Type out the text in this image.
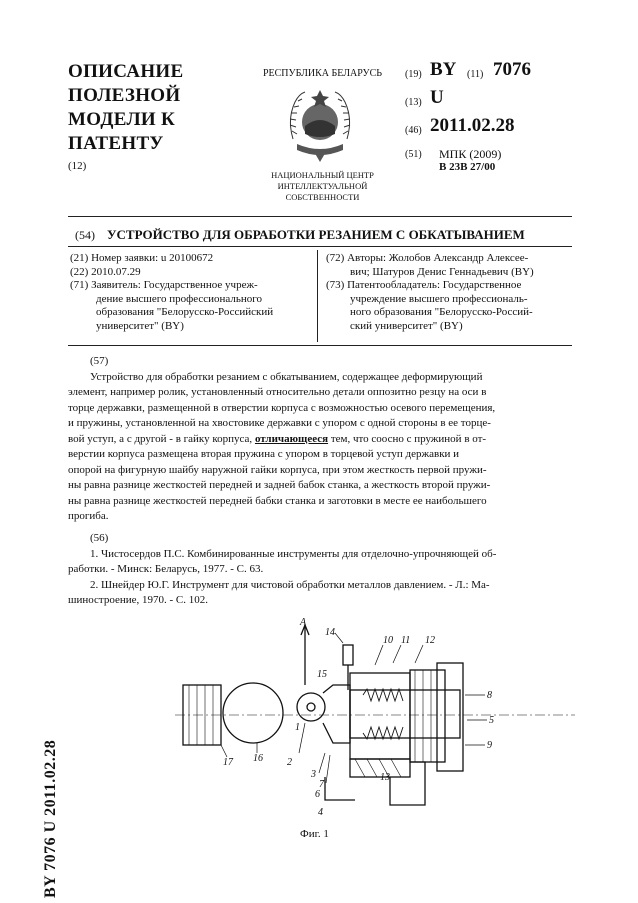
BY 7076 U 2011.02.28
ОПИСАНИЕ
ПОЛЕЗНОЙ
МОДЕЛИ К
ПАТЕНТУ
(12)
РЕСПУБЛИКА БЕЛАРУСЬ
НАЦИОНАЛЬНЫЙ ЦЕНТР
ИНТЕЛЛЕКТУАЛЬНОЙ
СОБСТВЕННОСТИ
(19) BY (11) 7076
(13) U
(46) 2011.02.28
(51) МПК (2009)
B 23B 27/00
(54) УСТРОЙСТВО ДЛЯ ОБРАБОТКИ РЕЗАНИЕМ С ОБКАТЫВАНИЕМ
(21) Номер заявки: u 20100672
(22) 2010.07.29
(71) Заявитель: Государственное учреж-
дение высшего профессионального
образования "Белорусско-Российский
университет" (BY)
(72) Авторы: Жолобов Александр Алексее-
вич; Шатуров Денис Геннадьевич (BY)
(73) Патентообладатель: Государственное
учреждение высшего профессиональ-
ного образования "Белорусско-Россий-
ский университет" (BY)
(57)
Устройство для обработки резанием с обкатыванием, содержащее деформирующий
элемент, например ролик, установленный относительно детали оппозитно резцу на оси в
торце державки, размещенной в отверстии корпуса с возможностью осевого перемещения,
и пружины, установленной на хвостовике державки с упором с одной стороны в ее торце-
вой уступ, а с другой - в гайку корпуса, отличающееся тем, что соосно с пружиной в от-
верстии корпуса размещена вторая пружина с упором в торцевой уступ державки и
опорой на фигурную шайбу наружной гайки корпуса, при этом жесткость первой пружи-
ны равна разнице жесткостей передней и задней бабок станка, а жесткость второй пружи-
ны равна разнице жесткостей передней бабки станка и заготовки в месте ее наибольшего
прогиба.
(56)
1. Чистосердов П.С. Комбинированные инструменты для отделочно-упрочняющей об-
работки. - Минск: Беларусь, 1977. - С. 63.
2. Шнейдер Ю.Г. Инструмент для чистовой обработки металлов давлением. - Л.: Ма-
шиностроение, 1970. - С. 102.
A
14
10 11 12
15
8
5
9
1
2
3
7
6
4
13
17 16
Фиг. 1
